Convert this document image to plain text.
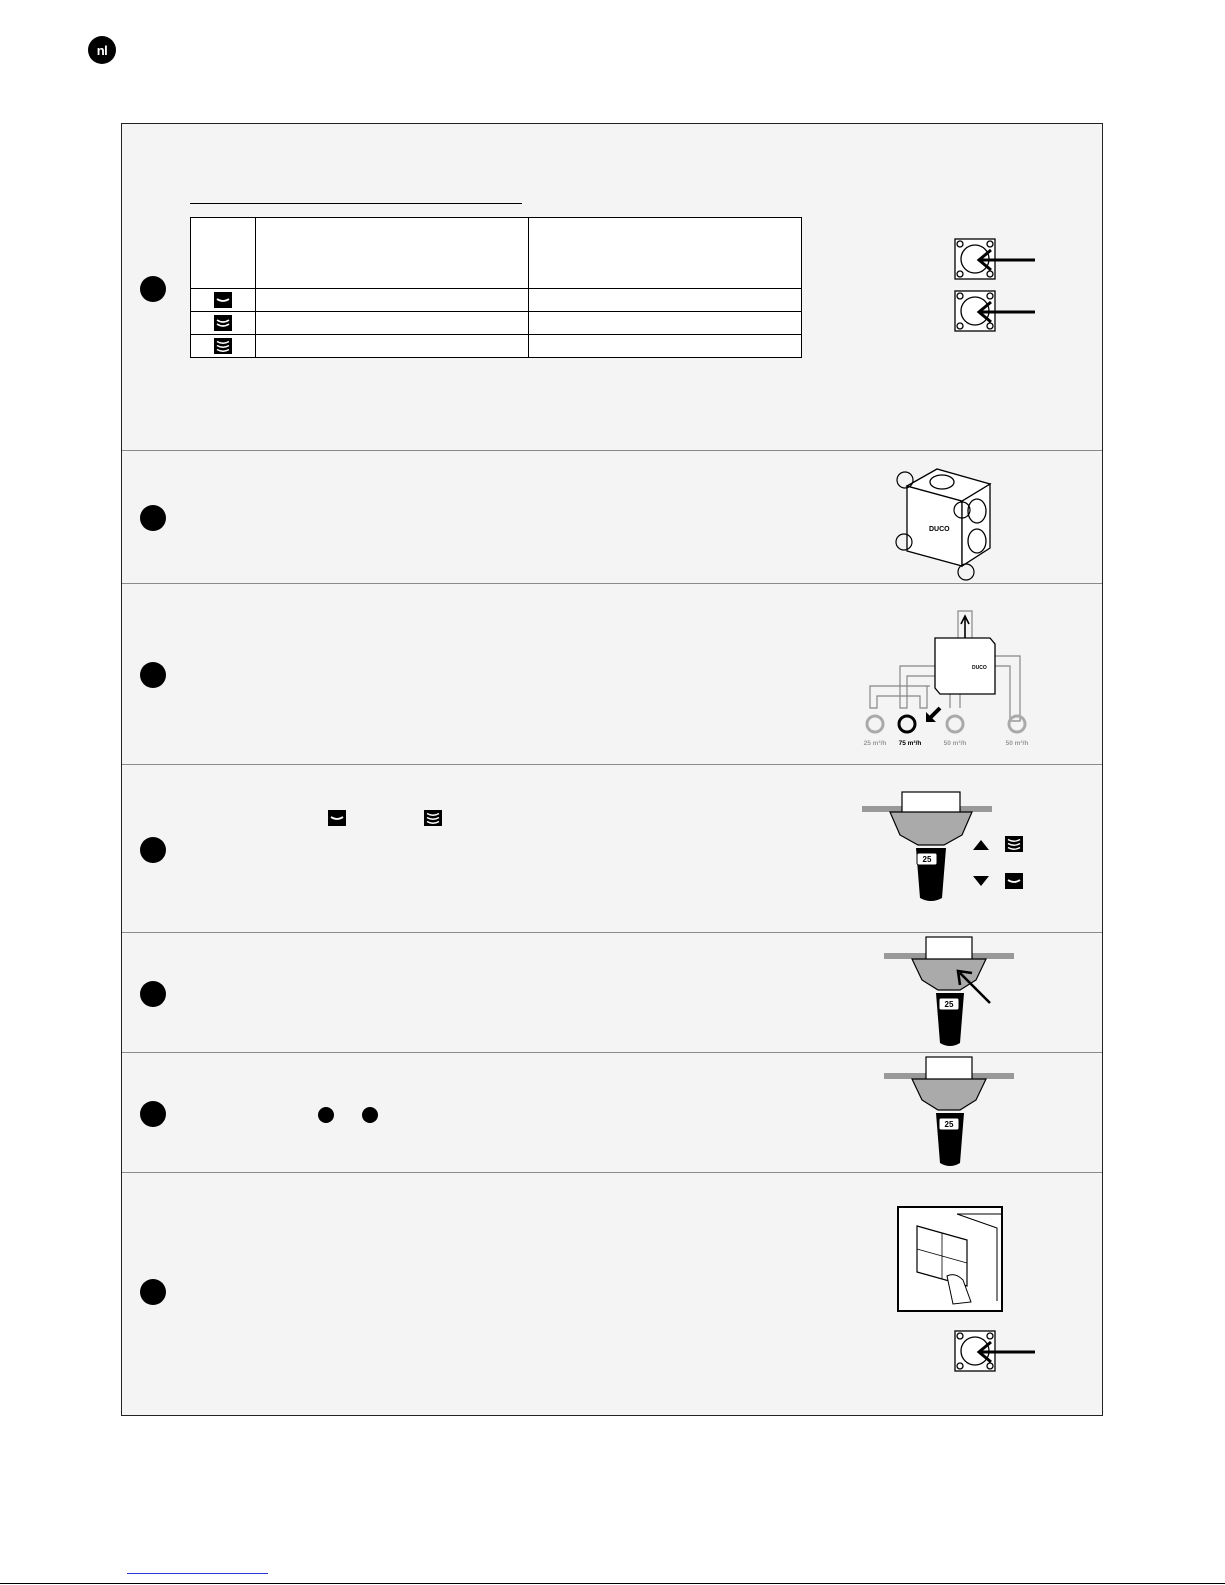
nl
1

2
DUCO
3	DUCO
25 m³/h 75 m³/h	50 m³/h	50 m³/h
4
25
5
25
6
25
7
